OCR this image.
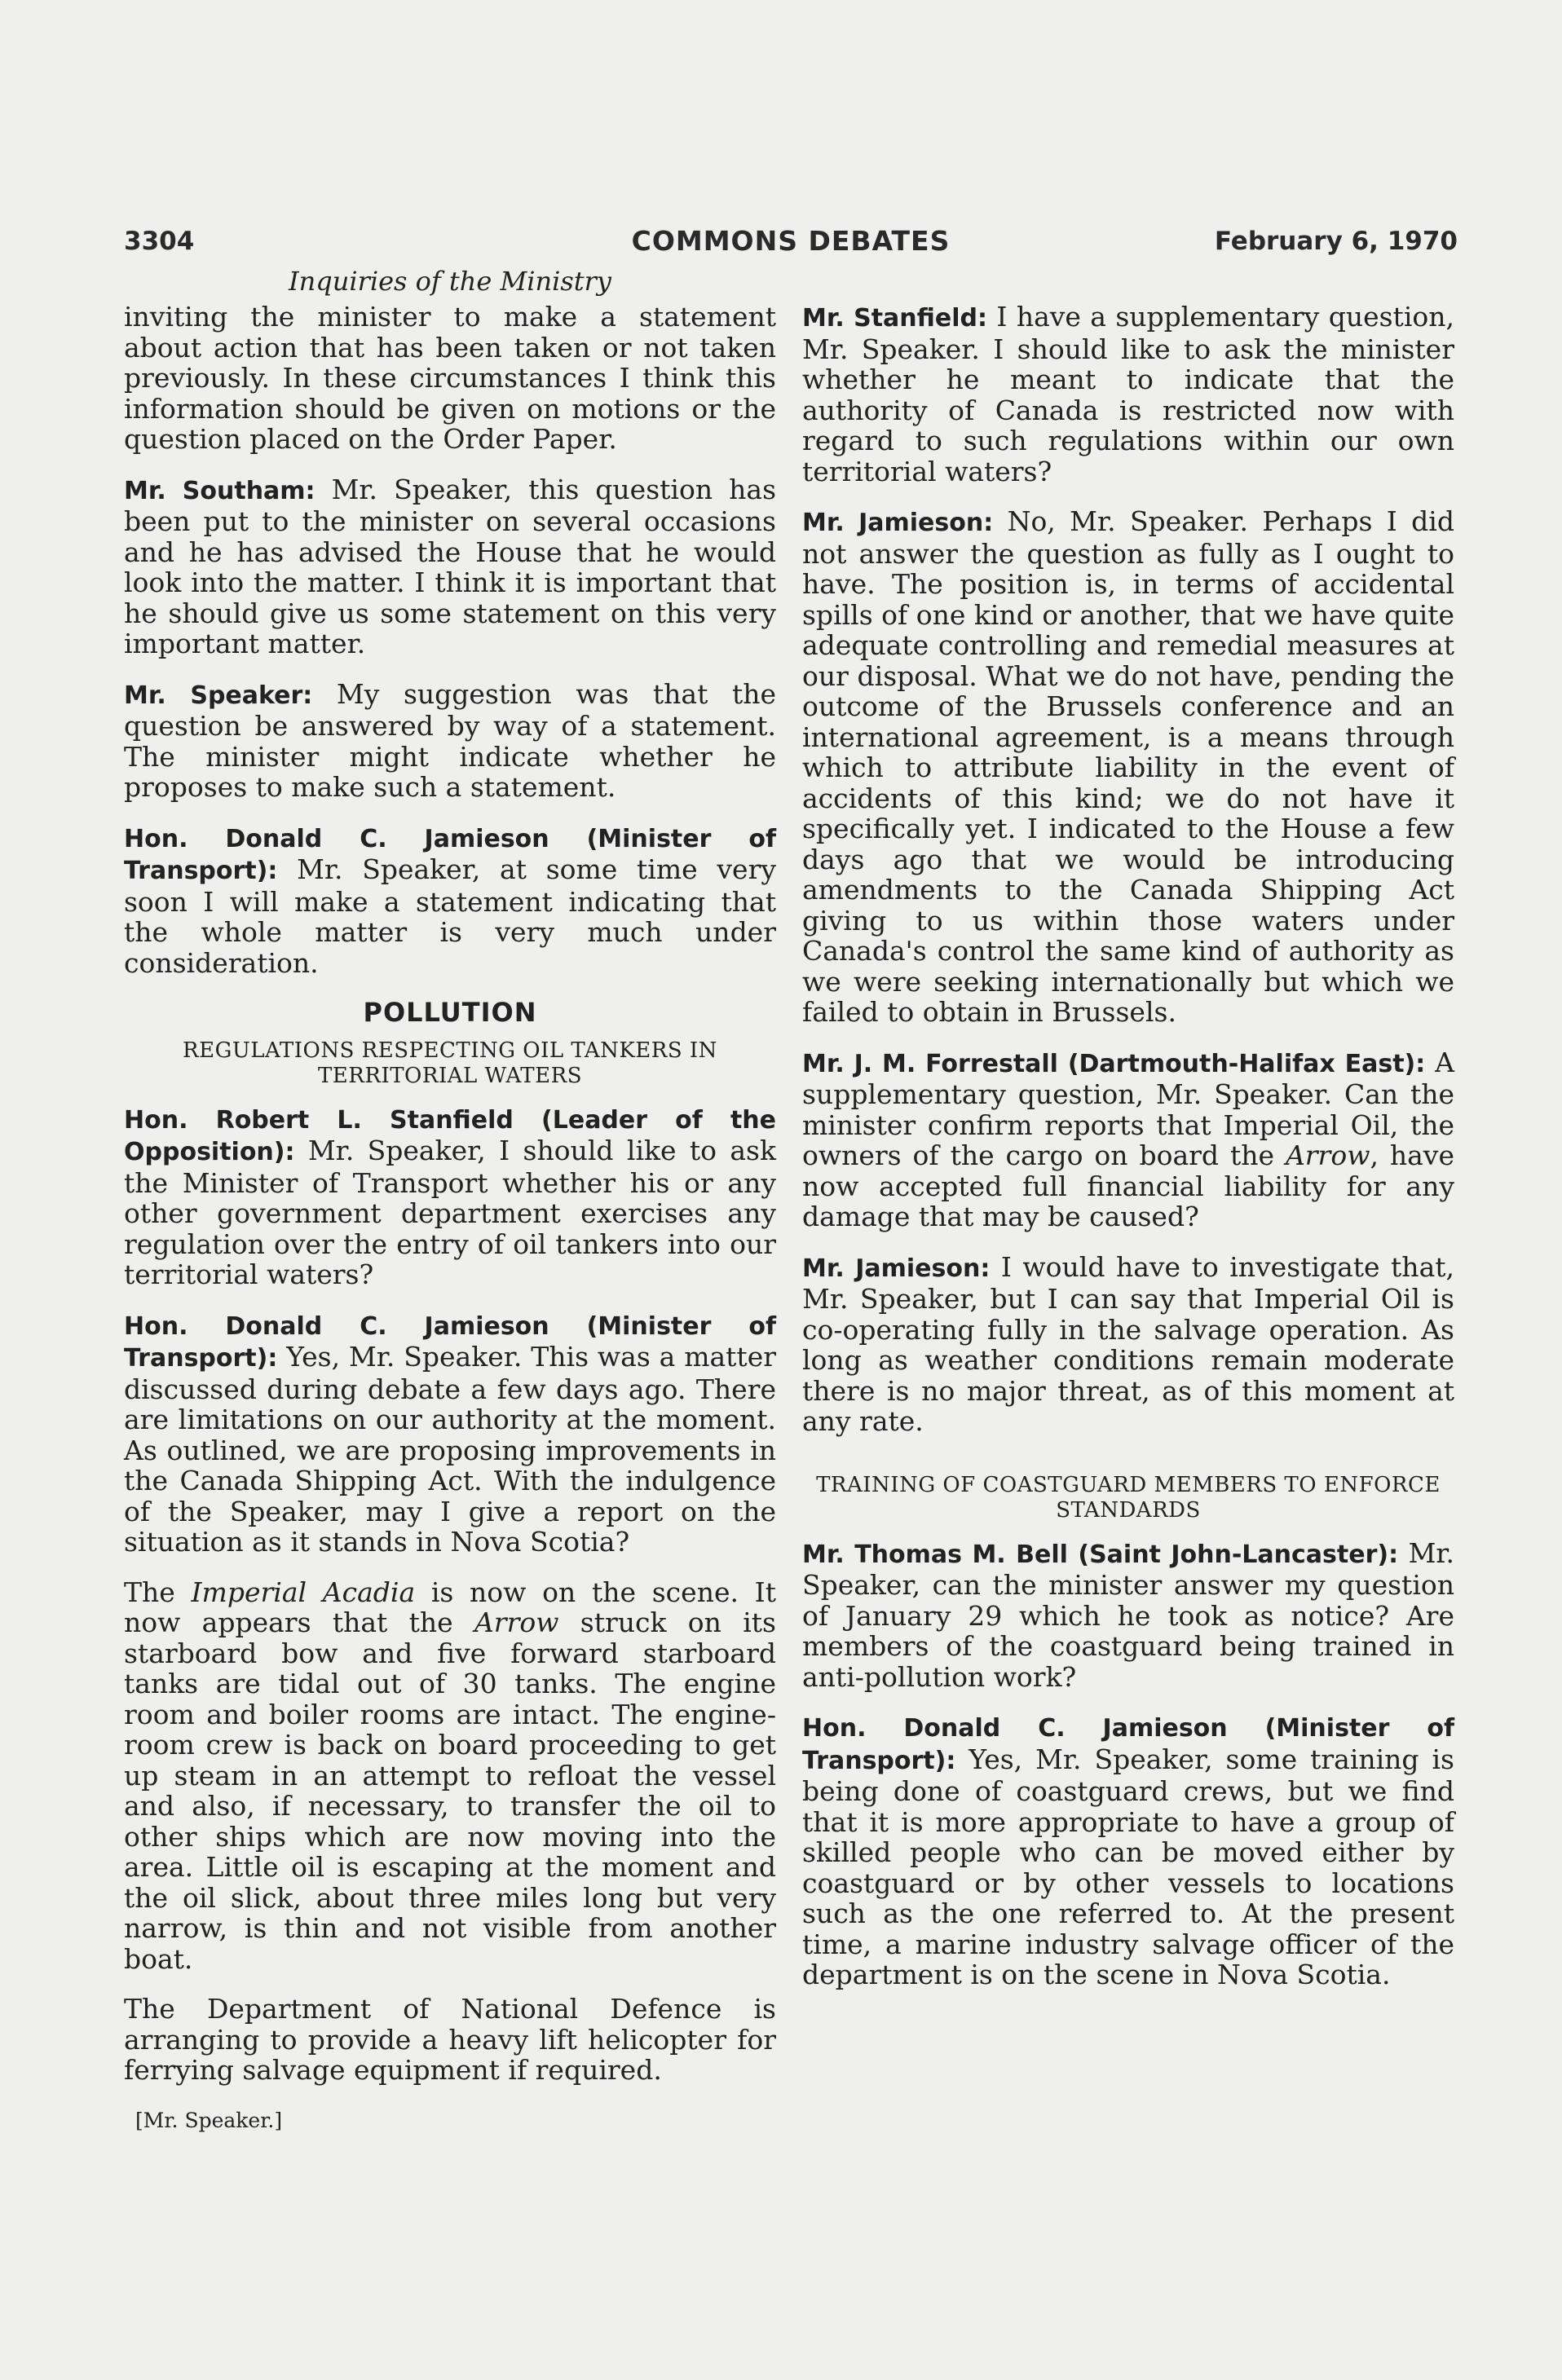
3304	COMMONS DEBATES	February 6, 1970
Inquiries of the Ministry

inviting the minister to make a statement about action that has been taken or not taken previously. In these circumstances I think this information should be given on motions or the question placed on the Order Paper.

Mr. Southam: Mr. Speaker, this question has been put to the minister on several occasions and he has advised the House that he would look into the matter. I think it is important that he should give us some statement on this very important matter.

Mr. Speaker: My suggestion was that the question be answered by way of a statement. The minister might indicate whether he proposes to make such a statement.

Hon. Donald C. Jamieson (Minister of Transport): Mr. Speaker, at some time very soon I will make a statement indicating that the whole matter is very much under consideration.

POLLUTION
REGULATIONS RESPECTING OIL TANKERS IN TERRITORIAL WATERS

Hon. Robert L. Stanfield (Leader of the Opposition): Mr. Speaker, I should like to ask the Minister of Transport whether his or any other government department exercises any regulation over the entry of oil tankers into our territorial waters?

Hon. Donald C. Jamieson (Minister of Transport): Yes, Mr. Speaker. This was a matter discussed during debate a few days ago. There are limitations on our authority at the moment. As outlined, we are proposing improvements in the Canada Shipping Act. With the indulgence of the Speaker, may I give a report on the situation as it stands in Nova Scotia?

The Imperial Acadia is now on the scene. It now appears that the Arrow struck on its starboard bow and five forward starboard tanks are tidal out of 30 tanks. The engine room and boiler rooms are intact. The engine-room crew is back on board proceeding to get up steam in an attempt to refloat the vessel and also, if necessary, to transfer the oil to other ships which are now moving into the area. Little oil is escaping at the moment and the oil slick, about three miles long but very narrow, is thin and not visible from another boat.

The Department of National Defence is arranging to provide a heavy lift helicopter for ferrying salvage equipment if required.

[Mr. Speaker.]

Mr. Stanfield: I have a supplementary question, Mr. Speaker. I should like to ask the minister whether he meant to indicate that the authority of Canada is restricted now with regard to such regulations within our own territorial waters?

Mr. Jamieson: No, Mr. Speaker. Perhaps I did not answer the question as fully as I ought to have. The position is, in terms of accidental spills of one kind or another, that we have quite adequate controlling and remedial measures at our disposal. What we do not have, pending the outcome of the Brussels conference and an international agreement, is a means through which to attribute liability in the event of accidents of this kind; we do not have it specifically yet. I indicated to the House a few days ago that we would be introducing amendments to the Canada Shipping Act giving to us within those waters under Canada's control the same kind of authority as we were seeking internationally but which we failed to obtain in Brussels.

Mr. J. M. Forrestall (Dartmouth-Halifax East): A supplementary question, Mr. Speaker. Can the minister confirm reports that Imperial Oil, the owners of the cargo on board the Arrow, have now accepted full financial liability for any damage that may be caused?

Mr. Jamieson: I would have to investigate that, Mr. Speaker, but I can say that Imperial Oil is co-operating fully in the salvage operation. As long as weather conditions remain moderate there is no major threat, as of this moment at any rate.

TRAINING OF COASTGUARD MEMBERS TO ENFORCE STANDARDS

Mr. Thomas M. Bell (Saint John-Lancaster): Mr. Speaker, can the minister answer my question of January 29 which he took as notice? Are members of the coastguard being trained in anti-pollution work?

Hon. Donald C. Jamieson (Minister of Transport): Yes, Mr. Speaker, some training is being done of coastguard crews, but we find that it is more appropriate to have a group of skilled people who can be moved either by coastguard or by other vessels to locations such as the one referred to. At the present time, a marine industry salvage officer of the department is on the scene in Nova Scotia.
